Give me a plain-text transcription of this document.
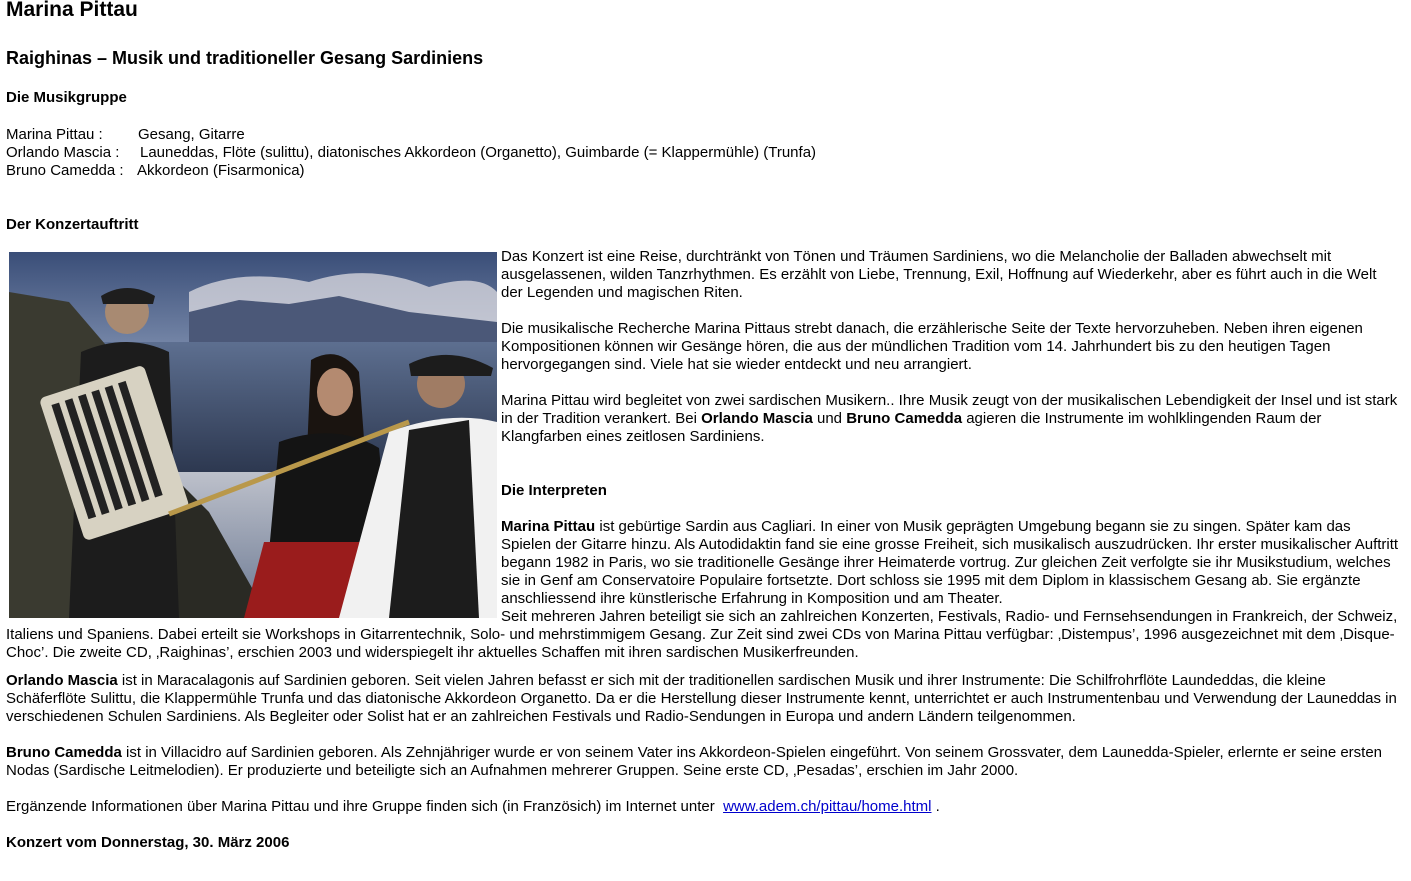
Marina Pittau
Raighinas – Musik und traditioneller Gesang Sardiniens
Die Musikgruppe
Marina Pittau : Gesang, Gitarre
Orlando Mascia : Launeddas, Flöte (sulittu), diatonisches Akkordeon (Organetto), Guimbarde (= Klappermühle) (Trunfa)
Bruno Camedda : Akkordeon (Fisarmonica)
Der Konzertauftritt

Das Konzert ist eine Reise, durchtränkt von Tönen und Träumen Sardiniens, wo die Melancholie der Balladen abwechselt mit ausgelassenen, wilden Tanzrhythmen. Es erzählt von Liebe, Trennung, Exil, Hoffnung auf Wiederkehr, aber es führt auch in die Welt der Legenden und magischen Riten.

Die musikalische Recherche Marina Pittaus strebt danach, die erzählerische Seite der Texte hervorzuheben. Neben ihren eigenen Kompositionen können wir Gesänge hören, die aus der mündlichen Tradition vom 14. Jahrhundert bis zu den heutigen Tagen hervorgegangen sind. Viele hat sie wieder entdeckt und neu arrangiert.

Marina Pittau wird begleitet von zwei sardischen Musikern.. Ihre Musik zeugt von der musikalischen Lebendigkeit der Insel und ist stark in der Tradition verankert. Bei Orlando Mascia und Bruno Camedda agieren die Instrumente im wohlklingenden Raum der Klangfarben eines zeitlosen Sardiniens.

Die Interpreten

Marina Pittau ist gebürtige Sardin aus Cagliari. In einer von Musik geprägten Umgebung begann sie zu singen. Später kam das Spielen der Gitarre hinzu. Als Autodidaktin fand sie eine grosse Freiheit, sich musikalisch auszudrücken. Ihr erster musikalischer Auftritt begann 1982 in Paris, wo sie traditionelle Gesänge ihrer Heimaterde vortrug. Zur gleichen Zeit verfolgte sie ihr Musikstudium, welches sie in Genf am Conservatoire Populaire fortsetzte. Dort schloss sie 1995 mit dem Diplom in klassischem Gesang ab. Sie ergänzte anschliessend ihre künstlerische Erfahrung in Komposition und am Theater.

Seit mehreren Jahren beteiligt sie sich an zahlreichen Konzerten, Festivals, Radio- und Fernsehsendungen in Frankreich, der Schweiz, Italiens und Spaniens. Dabei erteilt sie Workshops in Gitarrentechnik, Solo- und mehrstimmigem Gesang. Zur Zeit sind zwei CDs von Marina Pittau verfügbar: ‚Distempus’, 1996 ausgezeichnet mit dem ‚Disque-Choc’. Die zweite CD, ‚Raighinas’, erschien 2003 und widerspiegelt ihr aktuelles Schaffen mit ihren sardischen Musikerfreunden.

Orlando Mascia ist in Maracalagonis auf Sardinien geboren. Seit vielen Jahren befasst er sich mit der traditionellen sardischen Musik und ihrer Instrumente: Die Schilfrohrflöte Laundeddas, die kleine Schäferflöte Sulittu, die Klappermühle Trunfa und das diatonische Akkordeon Organetto. Da er die Herstellung dieser Instrumente kennt, unterrichtet er auch Instrumentenbau und Verwendung der Launeddas in verschiedenen Schulen Sardiniens. Als Begleiter oder Solist hat er an zahlreichen Festivals und Radio-Sendungen in Europa und andern Ländern teilgenommen.

Bruno Camedda ist in Villacidro auf Sardinien geboren. Als Zehnjähriger wurde er von seinem Vater ins Akkordeon-Spielen eingeführt. Von seinem Grossvater, dem Launedda-Spieler, erlernte er seine ersten Nodas (Sardische Leitmelodien). Er produzierte und beteiligte sich an Aufnahmen mehrerer Gruppen. Seine erste CD, ‚Pesadas’, erschien im Jahr 2000.

Ergänzende Informationen über Marina Pittau und ihre Gruppe finden sich (in Französich) im Internet unter  www.adem.ch/pittau/home.html .

Konzert vom Donnerstag, 30. März 2006
